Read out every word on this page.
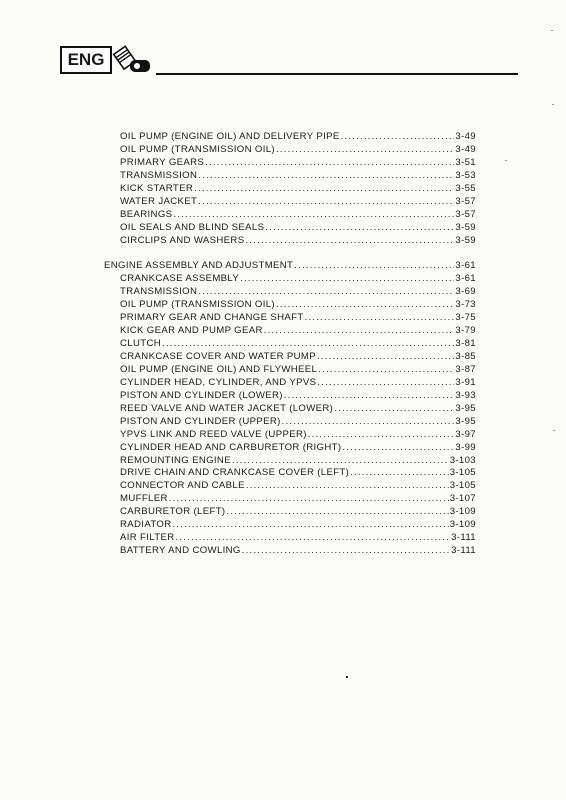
ENG
OIL PUMP (ENGINE OIL) AND DELIVERY PIPE .....	3-49
OIL PUMP (TRANSMISSION OIL) .....	3-49
PRIMARY GEARS .....	3-51
TRANSMISSION .....	3-53
KICK STARTER .....	3-55
WATER JACKET .....	3-57
BEARINGS .....	3-57
OIL SEALS AND BLIND SEALS .....	3-59
CIRCLIPS AND WASHERS .....	3-59
ENGINE ASSEMBLY AND ADJUSTMENT .....	3-61
CRANKCASE ASSEMBLY .....	3-61
TRANSMISSION .....	3-69
OIL PUMP (TRANSMISSION OIL) .....	3-73
PRIMARY GEAR AND CHANGE SHAFT .....	3-75
KICK GEAR AND PUMP GEAR .....	3-79
CLUTCH .....	3-81
CRANKCASE COVER AND WATER PUMP .....	3-85
OIL PUMP (ENGINE OIL) AND FLYWHEEL .....	3-87
CYLINDER HEAD, CYLINDER, AND YPVS .....	3-91
PISTON AND CYLINDER (LOWER) .....	3-93
REED VALVE AND WATER JACKET (LOWER) .....	3-95
PISTON AND CYLINDER (UPPER) .....	3-95
YPVS LINK AND REED VALVE (UPPER) .....	3-97
CYLINDER HEAD AND CARBURETOR (RIGHT) .....	3-99
REMOUNTING ENGINE .....	3-103
DRIVE CHAIN AND CRANKCASE COVER (LEFT) .....	3-105
CONNECTOR AND CABLE .....	3-105
MUFFLER .....	3-107
CARBURETOR (LEFT) .....	3-109
RADIATOR .....	3-109
AIR FILTER .....	3-111
BATTERY AND COWLING .....	3-111
